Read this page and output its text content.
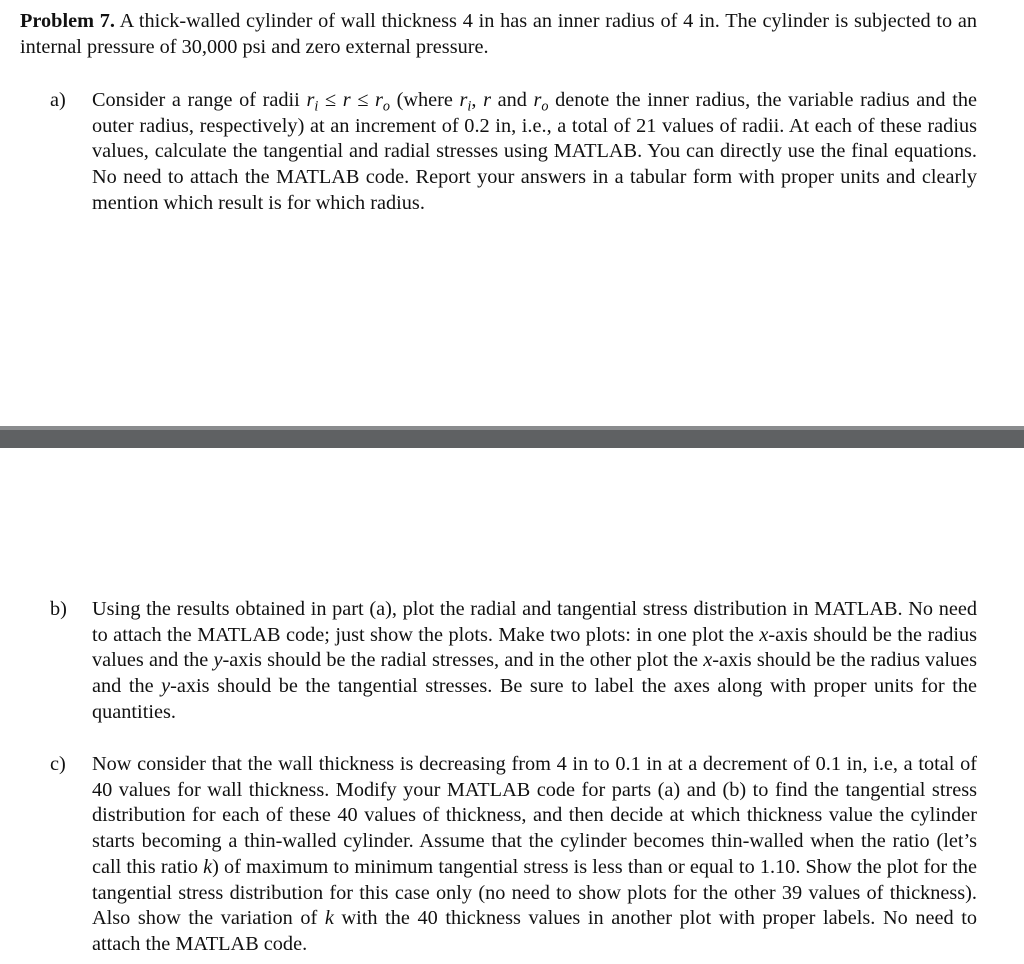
Problem 7. A thick-walled cylinder of wall thickness 4 in has an inner radius of 4 in. The cylinder is subjected to an internal pressure of 30,000 psi and zero external pressure.

a) Consider a range of radii $r_i \le r \le r_o$ (where $r_i$, r and $r_o$ denote the inner radius, the variable radius and the outer radius, respectively) at an increment of 0.2 in, i.e., a total of 21 values of radii. At each of these radius values, calculate the tangential and radial stresses using MATLAB. You can directly use the final equations. No need to attach the MATLAB code. Report your answers in a tabular form with proper units and clearly mention which result is for which radius.
b) Using the results obtained in part (a), plot the radial and tangential stress distribution in MATLAB. No need to attach the MATLAB code; just show the plots. Make two plots: in one plot the x-axis should be the radius values and the y-axis should be the radial stresses, and in the other plot the x-axis should be the radius values and the y-axis should be the tangential stresses. Be sure to label the axes along with proper units for the quantities.
c) Now consider that the wall thickness is decreasing from 4 in to 0.1 in at a decrement of 0.1 in, i.e, a total of 40 values for wall thickness. Modify your MATLAB code for parts (a) and (b) to find the tangential stress distribution for each of these 40 values of thickness, and then decide at which thickness value the cylinder starts becoming a thin-walled cylinder. Assume that the cylinder becomes thin-walled when the ratio (let’s call this ratio k) of maximum to minimum tangential stress is less than or equal to 1.10. Show the plot for the tangential stress distribution for this case only (no need to show plots for the other 39 values of thickness). Also show the variation of k with the 40 thickness values in another plot with proper labels. No need to attach the MATLAB code.
